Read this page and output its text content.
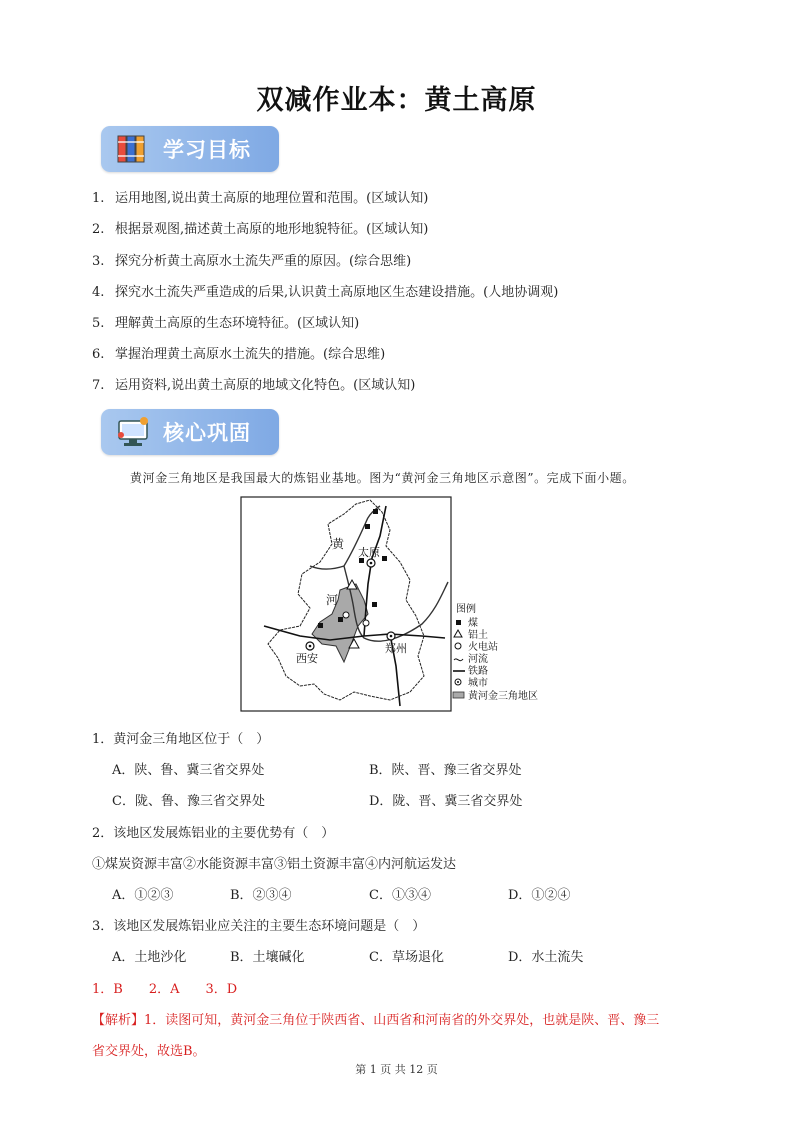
双减作业本：黄土高原
学习目标
1. 运用地图,说出黄土高原的地理位置和范围。(区域认知)
2. 根据景观图,描述黄土高原的地形地貌特征。(区域认知)
3. 探究分析黄土高原水土流失严重的原因。(综合思维)
4. 探究水土流失严重造成的后果,认识黄土高原地区生态建设措施。(人地协调观)
5. 理解黄土高原的生态环境特征。(区域认知)
6. 掌握治理黄土高原水土流失的措施。(综合思维)
7. 运用资料,说出黄土高原的地域文化特色。(区域认知)
核心巩固
黄河金三角地区是我国最大的炼铝业基地。图为“黄河金三角地区示意图”。完成下面小题。
黄
河
太原
西安
郑州
图例
煤
铝土
火电站
河流
铁路
城市
黄河金三角地区
1．黄河金三角地区位于（　）
A．陕、鲁、冀三省交界处	B．陕、晋、豫三省交界处
C．陇、鲁、豫三省交界处	D．陇、晋、冀三省交界处
2．该地区发展炼铝业的主要优势有（　）
①煤炭资源丰富②水能资源丰富③铝土资源丰富④内河航运发达
A．①②③	B．②③④	C．①③④	D．①②④
3．该地区发展炼铝业应关注的主要生态环境问题是（　）
A．土地沙化	B．土壤碱化	C．草场退化	D．水土流失
1．B　　2．A　　3．D
【解析】1．读图可知，黄河金三角位于陕西省、山西省和河南省的外交界处，也就是陕、晋、豫三
省交界处，故选B。
第 1 页 共 12 页
